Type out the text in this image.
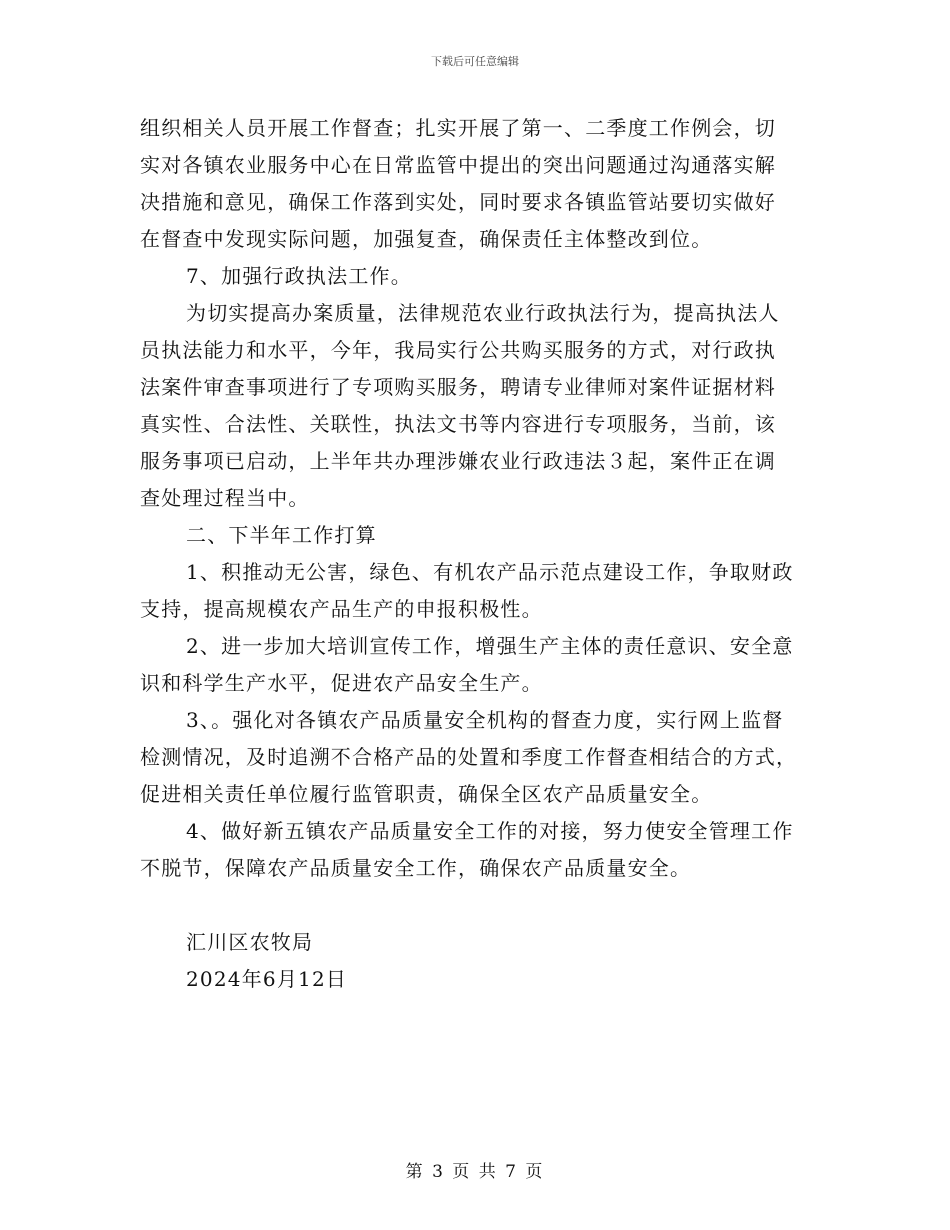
下载后可任意编辑
组织相关人员开展工作督查；扎实开展了第一、二季度工作例会，切
实对各镇农业服务中心在日常监管中提出的突出问题通过沟通落实解
决措施和意见，确保工作落到实处，同时要求各镇监管站要切实做好
在督查中发现实际问题，加强复查，确保责任主体整改到位。
7、加强行政执法工作。
为切实提高办案质量，法律规范农业行政执法行为，提高执法人
员执法能力和水平，今年，我局实行公共购买服务的方式，对行政执
法案件审查事项进行了专项购买服务，聘请专业律师对案件证据材料
真实性、合法性、关联性，执法文书等内容进行专项服务，当前，该
服务事项已启动，上半年共办理涉嫌农业行政违法３起，案件正在调
查处理过程当中。
二、下半年工作打算
1、积推动无公害，绿色、有机农产品示范点建设工作，争取财政
支持，提高规模农产品生产的申报积极性。
2、进一步加大培训宣传工作，增强生产主体的责任意识、安全意
识和科学生产水平，促进农产品安全生产。
3、。强化对各镇农产品质量安全机构的督查力度，实行网上监督
检测情况，及时追溯不合格产品的处置和季度工作督查相结合的方式，
促进相关责任单位履行监管职责，确保全区农产品质量安全。
4、做好新五镇农产品质量安全工作的对接，努力使安全管理工作
不脱节，保障农产品质量安全工作，确保农产品质量安全。
汇川区农牧局
2024年6月12日
第 3 页 共 7 页
